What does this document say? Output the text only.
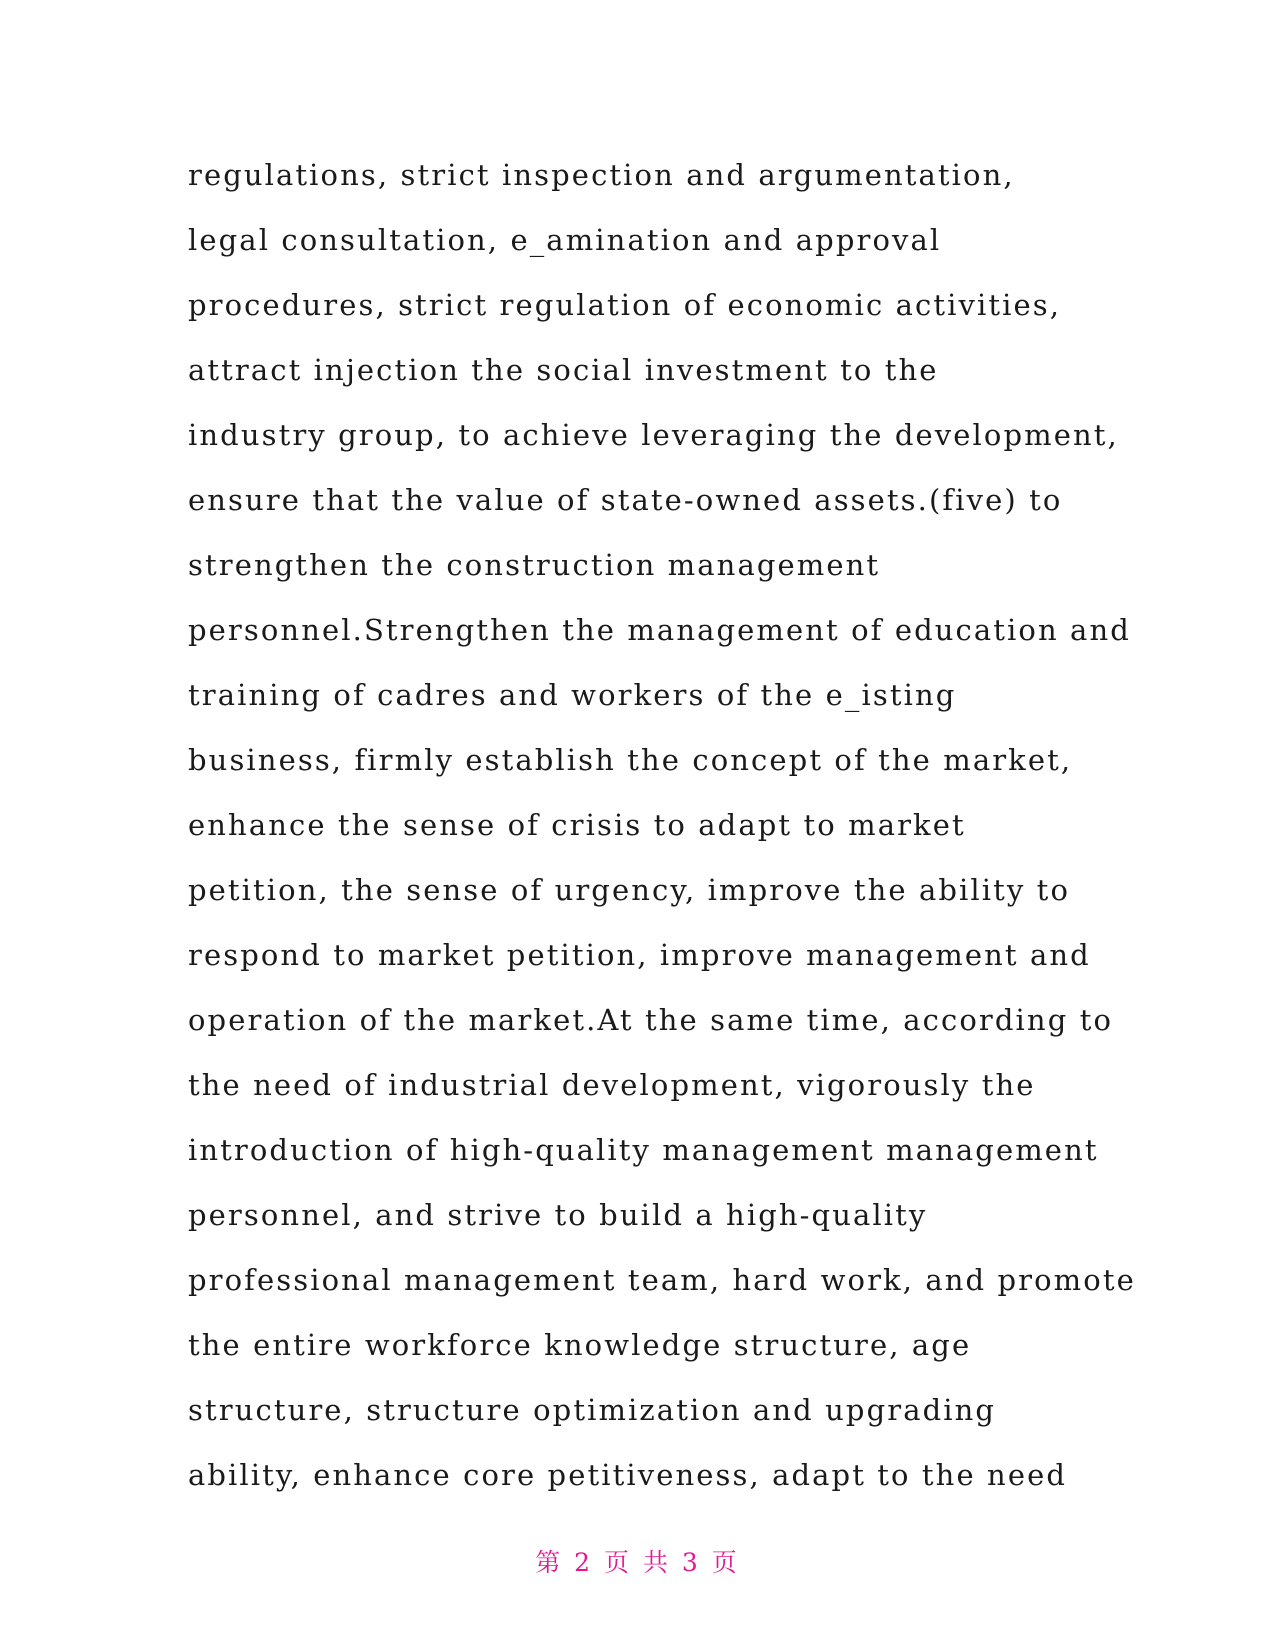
regulations, strict inspection and argumentation,
legal consultation, e_amination and approval
procedures, strict regulation of economic activities,
attract injection the social investment to the
industry group, to achieve leveraging the development,
ensure that the value of state-owned assets.(five) to
strengthen the construction management
personnel.Strengthen the management of education and
training of cadres and workers of the e_isting
business, firmly establish the concept of the market,
enhance the sense of crisis to adapt to market
petition, the sense of urgency, improve the ability to
respond to market petition, improve management and
operation of the market.At the same time, according to
the need of industrial development, vigorously the
introduction of high-quality management management
personnel, and strive to build a high-quality
professional management team, hard work, and promote
the entire workforce knowledge structure, age
structure, structure optimization and upgrading
ability, enhance core petitiveness, adapt to the need
第 2 页 共 3 页
